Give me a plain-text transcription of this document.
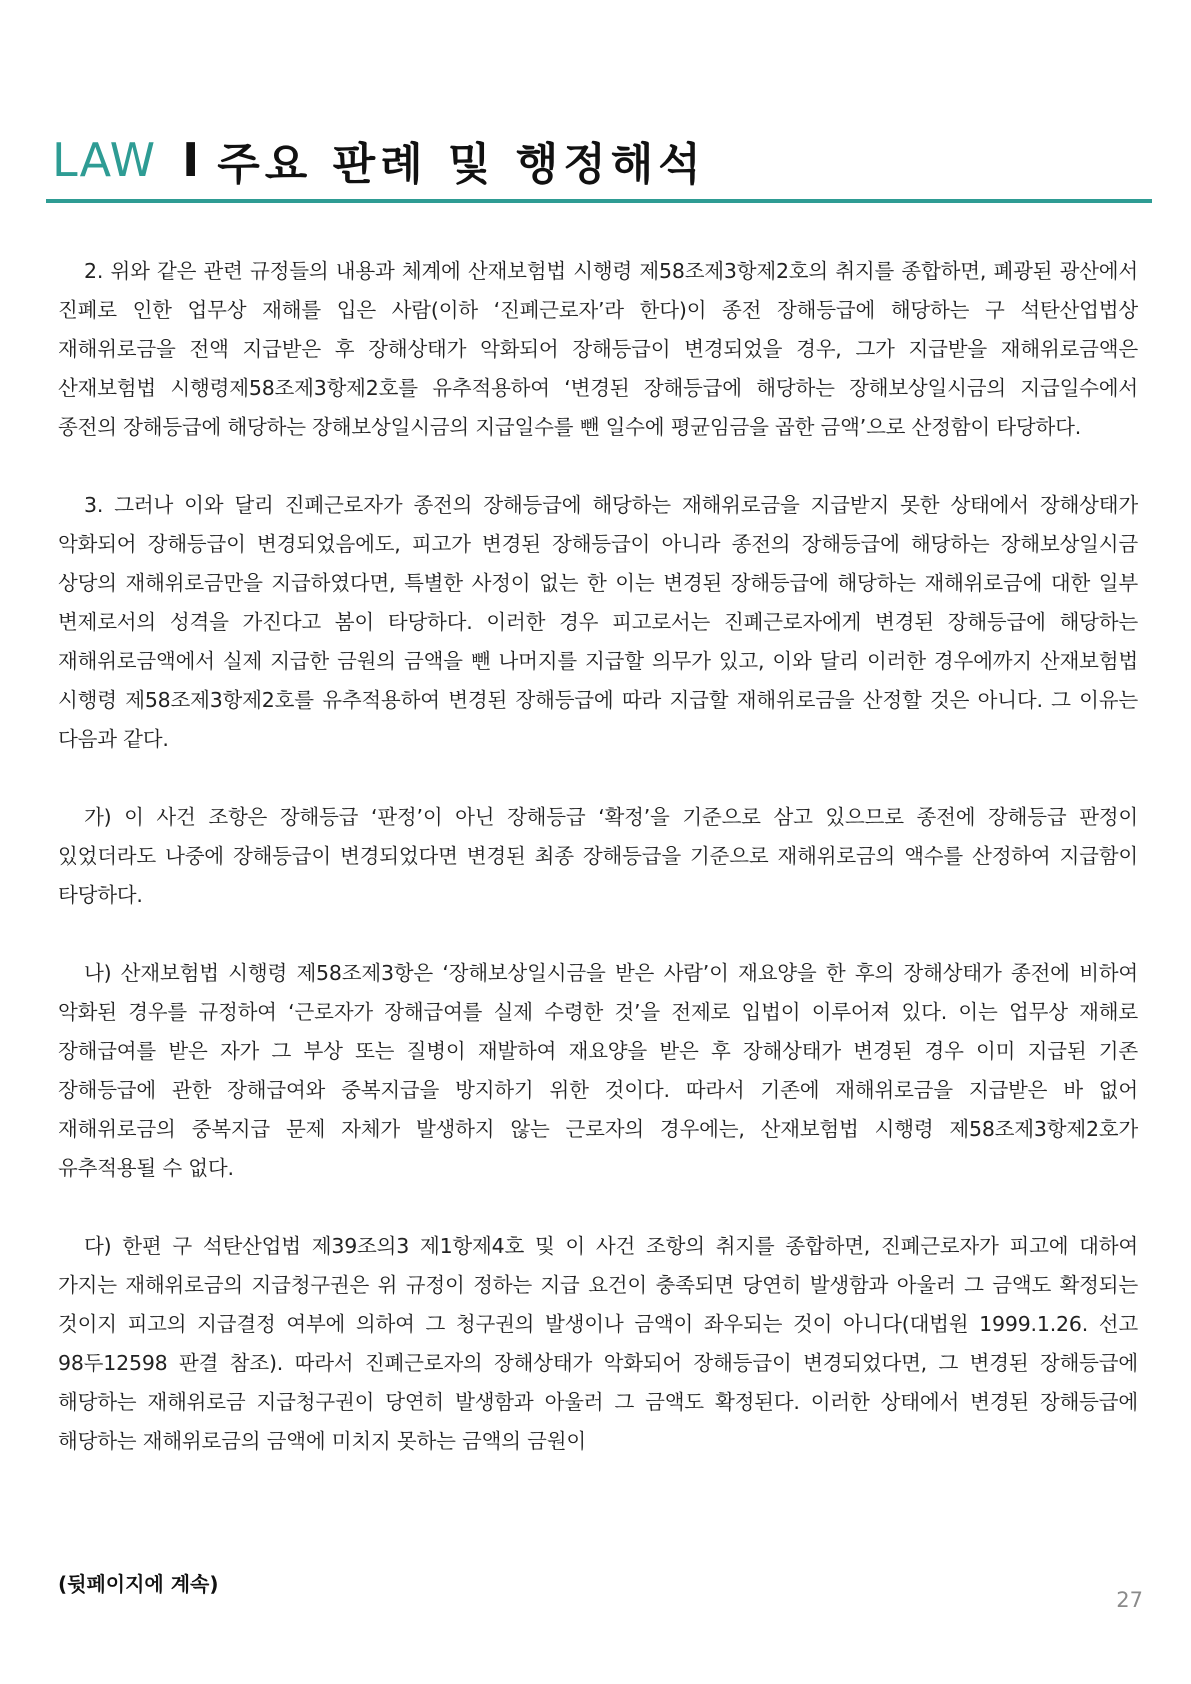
LAW I 주요 판례 및 행정해석

2. 위와 같은 관련 규정들의 내용과 체계에 산재보험법 시행령 제58조제3항제2호의 취지를 종합하면, 폐광된 광산에서 진폐로 인한 업무상 재해를 입은 사람(이하 ‘진폐근로자’라 한다)이 종전 장해등급에 해당하는 구 석탄산업법상 재해위로금을 전액 지급받은 후 장해상태가 악화되어 장해등급이 변경되었을 경우, 그가 지급받을 재해위로금액은 산재보험법 시행령제58조제3항제2호를 유추적용하여 ‘변경된 장해등급에 해당하는 장해보상일시금의 지급일수에서 종전의 장해등급에 해당하는 장해보상일시금의 지급일수를 뺀 일수에 평균임금을 곱한 금액’으로 산정함이 타당하다.

3. 그러나 이와 달리 진폐근로자가 종전의 장해등급에 해당하는 재해위로금을 지급받지 못한 상태에서 장해상태가 악화되어 장해등급이 변경되었음에도, 피고가 변경된 장해등급이 아니라 종전의 장해등급에 해당하는 장해보상일시금 상당의 재해위로금만을 지급하였다면, 특별한 사정이 없는 한 이는 변경된 장해등급에 해당하는 재해위로금에 대한 일부 변제로서의 성격을 가진다고 봄이 타당하다. 이러한 경우 피고로서는 진폐근로자에게 변경된 장해등급에 해당하는 재해위로금액에서 실제 지급한 금원의 금액을 뺀 나머지를 지급할 의무가 있고, 이와 달리 이러한 경우에까지 산재보험법 시행령 제58조제3항제2호를 유추적용하여 변경된 장해등급에 따라 지급할 재해위로금을 산정할 것은 아니다. 그 이유는 다음과 같다.

가) 이 사건 조항은 장해등급 ‘판정’이 아닌 장해등급 ‘확정’을 기준으로 삼고 있으므로 종전에 장해등급 판정이 있었더라도 나중에 장해등급이 변경되었다면 변경된 최종 장해등급을 기준으로 재해위로금의 액수를 산정하여 지급함이 타당하다.

나) 산재보험법 시행령 제58조제3항은 ‘장해보상일시금을 받은 사람’이 재요양을 한 후의 장해상태가 종전에 비하여 악화된 경우를 규정하여 ‘근로자가 장해급여를 실제 수령한 것’을 전제로 입법이 이루어져 있다. 이는 업무상 재해로 장해급여를 받은 자가 그 부상 또는 질병이 재발하여 재요양을 받은 후 장해상태가 변경된 경우 이미 지급된 기존 장해등급에 관한 장해급여와 중복지급을 방지하기 위한 것이다. 따라서 기존에 재해위로금을 지급받은 바 없어 재해위로금의 중복지급 문제 자체가 발생하지 않는 근로자의 경우에는, 산재보험법 시행령 제58조제3항제2호가 유추적용될 수 없다.

다) 한편 구 석탄산업법 제39조의3 제1항제4호 및 이 사건 조항의 취지를 종합하면, 진폐근로자가 피고에 대하여 가지는 재해위로금의 지급청구권은 위 규정이 정하는 지급 요건이 충족되면 당연히 발생함과 아울러 그 금액도 확정되는 것이지 피고의 지급결정 여부에 의하여 그 청구권의 발생이나 금액이 좌우되는 것이 아니다(대법원 1999.1.26. 선고 98두12598 판결 참조). 따라서 진폐근로자의 장해상태가 악화되어 장해등급이 변경되었다면, 그 변경된 장해등급에 해당하는 재해위로금 지급청구권이 당연히 발생함과 아울러 그 금액도 확정된다. 이러한 상태에서 변경된 장해등급에 해당하는 재해위로금의 금액에 미치지 못하는 금액의 금원이

(뒷페이지에 계속)
27
